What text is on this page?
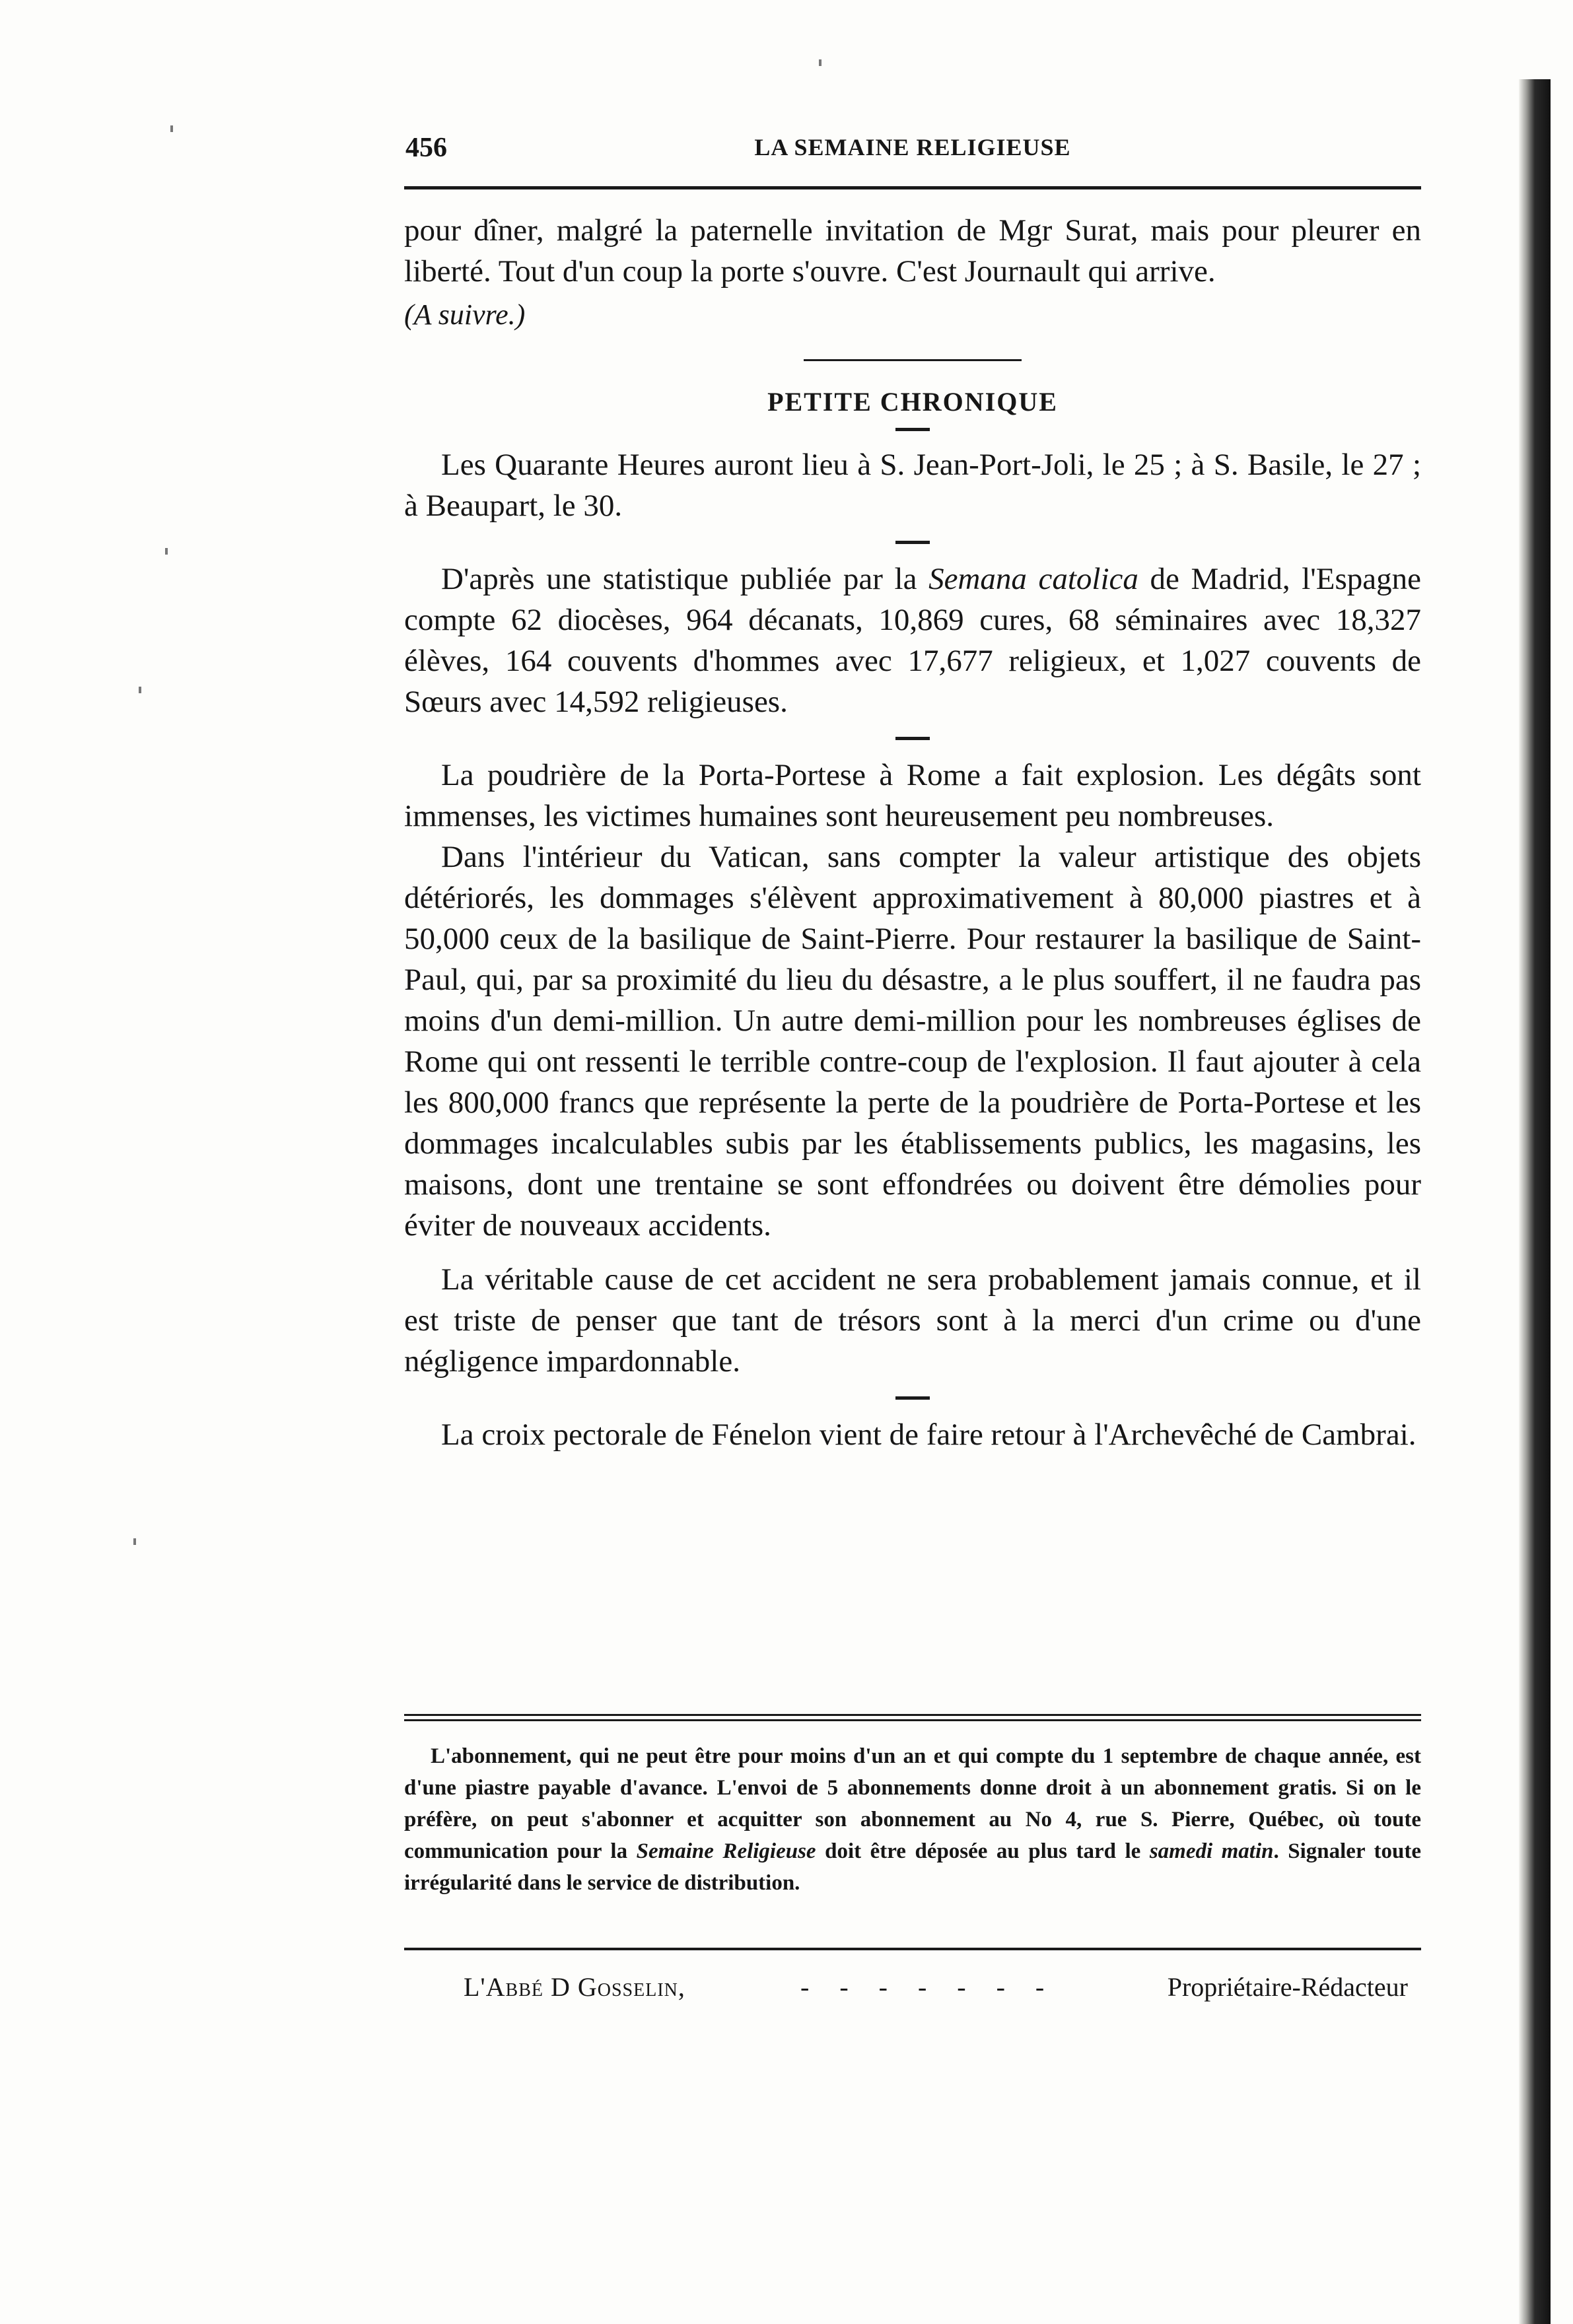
456	LA SEMAINE RELIGIEUSE

pour dîner, malgré la paternelle invitation de Mgr Surat, mais pour pleurer en liberté. Tout d'un coup la porte s'ouvre. C'est Journault qui arrive.

(A suivre.)

PETITE CHRONIQUE

Les Quarante Heures auront lieu à S. Jean-Port-Joli, le 25 ; à S. Basile, le 27 ; à Beaupart, le 30.

D'après une statistique publiée par la Semana catolica de Madrid, l'Espagne compte 62 diocèses, 964 décanats, 10,869 cures, 68 séminaires avec 18,327 élèves, 164 couvents d'hommes avec 17,677 religieux, et 1,027 couvents de Sœurs avec 14,592 religieuses.

La poudrière de la Porta-Portese à Rome a fait explosion. Les dégâts sont immenses, les victimes humaines sont heureusement peu nombreuses.

Dans l'intérieur du Vatican, sans compter la valeur artistique des objets détériorés, les dommages s'élèvent approximativement à 80,000 piastres et à 50,000 ceux de la basilique de Saint-Pierre. Pour restaurer la basilique de Saint-Paul, qui, par sa proximité du lieu du désastre, a le plus souffert, il ne faudra pas moins d'un demi-million. Un autre demi-million pour les nombreuses églises de Rome qui ont ressenti le terrible contre-coup de l'explosion. Il faut ajouter à cela les 800,000 francs que représente la perte de la poudrière de Porta-Portese et les dommages incalculables subis par les établissements publics, les magasins, les maisons, dont une trentaine se sont effondrées ou doivent être démolies pour éviter de nouveaux accidents.

La véritable cause de cet accident ne sera probablement jamais connue, et il est triste de penser que tant de trésors sont à la merci d'un crime ou d'une négligence impardonnable.

La croix pectorale de Fénelon vient de faire retour à l'Archevêché de Cambrai.

L'abonnement, qui ne peut être pour moins d'un an et qui compte du 1 septembre de chaque année, est d'une piastre payable d'avance. L'envoi de 5 abonnements donne droit à un abonnement gratis. Si on le préfère, on peut s'abonner et acquitter son abonnement au No 4, rue S. Pierre, Québec, où toute communication pour la Semaine Religieuse doit être déposée au plus tard le samedi matin. Signaler toute irrégularité dans le service de distribution.
L'Abbé D Gosselin,	- - - - - - -	Propriétaire-Rédacteur
